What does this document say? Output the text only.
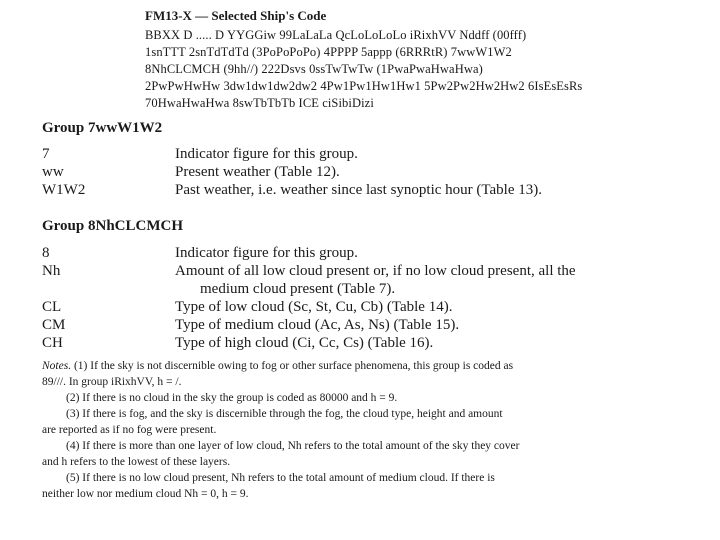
FM13-X — Selected Ship's Code
BBXX D ..... D YYGGiw 99LaLaLa QcLoLoLoLo iRixhVV Nddff (00fff)
1snTTT 2snTdTdTd (3PoPoPoPo) 4PPPP 5appp (6RRRtR) 7wwW1W2
8NhCLCMCH (9hh//) 222Dsvs 0ssTwTwTw (1PwaPwaHwaHwa)
2PwPwHwHw 3dw1dw1dw2dw2 4Pw1Pw1Hw1Hw1 5Pw2Pw2Hw2Hw2 6IsEsEsRs
70HwaHwaHwa 8swTbTbTb ICE ciSibiDizi
Group 7wwW1W2
7	Indicator figure for this group.
ww	Present weather (Table 12).
W1W2	Past weather, i.e. weather since last synoptic hour (Table 13).
Group 8NhCLCMCH
8	Indicator figure for this group.
Nh	Amount of all low cloud present or, if no low cloud present, all the
medium cloud present (Table 7).
CL	Type of low cloud (Sc, St, Cu, Cb) (Table 14).
CM	Type of medium cloud (Ac, As, Ns) (Table 15).
CH	Type of high cloud (Ci, Cc, Cs) (Table 16).
Notes. (1) If the sky is not discernible owing to fog or other surface phenomena, this group is coded as
89///. In group iRixhVV, h = /.
(2) If there is no cloud in the sky the group is coded as 80000 and h = 9.
(3) If there is fog, and the sky is discernible through the fog, the cloud type, height and amount
are reported as if no fog were present.
(4) If there is more than one layer of low cloud, Nh refers to the total amount of the sky they cover
and h refers to the lowest of these layers.
(5) If there is no low cloud present, Nh refers to the total amount of medium cloud. If there is
neither low nor medium cloud Nh = 0, h = 9.
